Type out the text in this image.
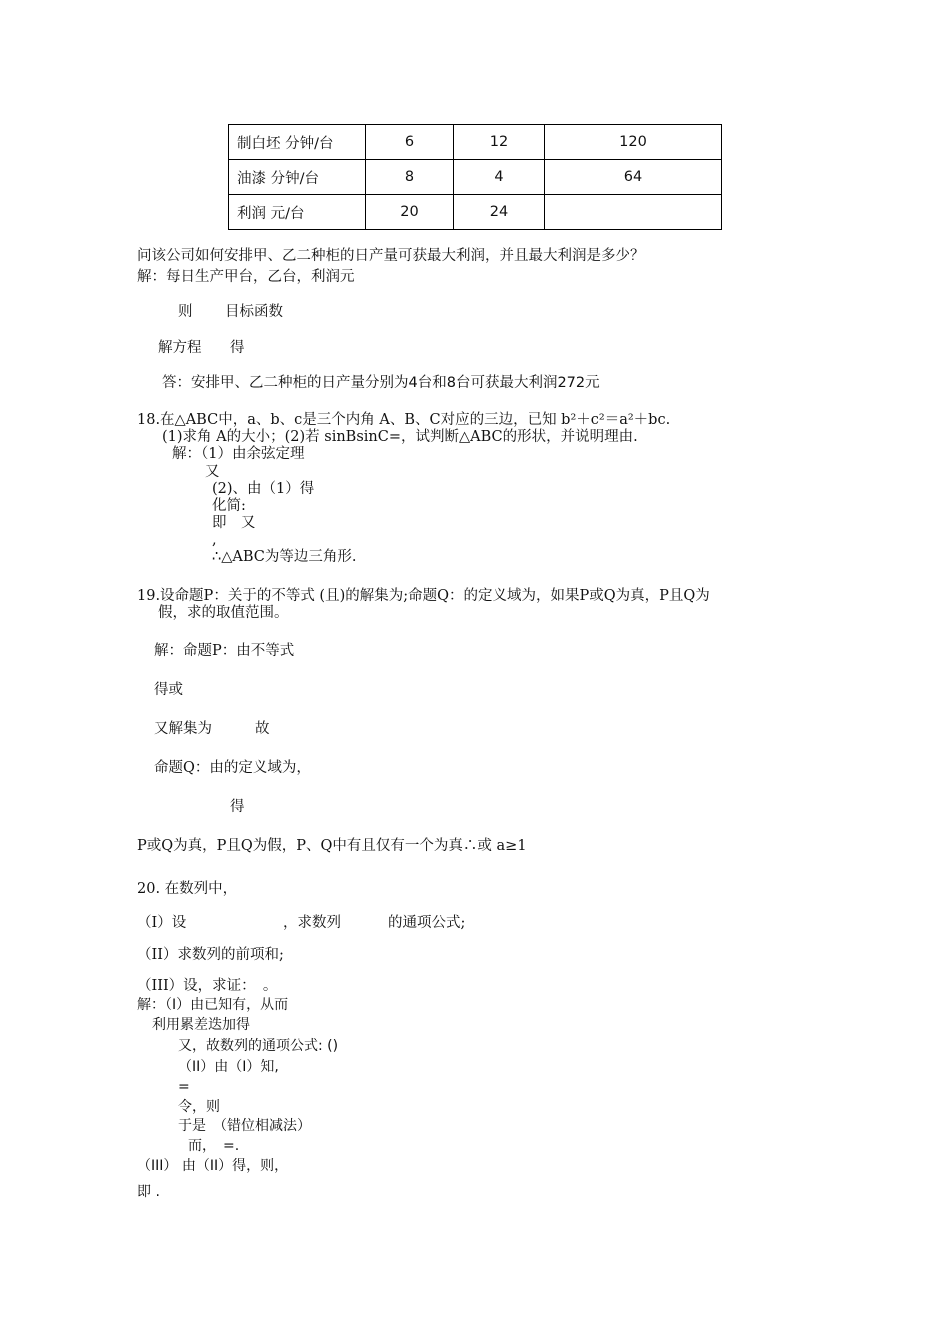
制白坯 分钟/台	6	12	120
油漆 分钟/台	8	4	64
利润 元/台	20	24	
问该公司如何安排甲、乙二种柜的日产量可获最大利润，并且最大利润是多少？
解：每日生产甲台，乙台，利润元
则 目标函数
解方程 得
答：安排甲、乙二种柜的日产量分别为4台和8台可获最大利润272元
18.在△ABC中，a、b、c是三个内角 A、B、C对应的三边，已知 b²＋c²＝a²＋bc.
(1)求角 A的大小；(2)若 sinBsinC=，试判断△ABC的形状，并说明理由.
解：（1）由余弦定理
又
(2)、由（1）得
化简:
即　又
,
∴△ABC为等边三角形.
19.设命题P：关于的不等式 (且)的解集为;命题Q：的定义域为，如果P或Q为真，P且Q为
假，求的取值范围。
解：命题P：由不等式
得或
又解集为	故
命题Q：由的定义域为，
得
P或Q为真，P且Q为假，P、Q中有且仅有一个为真∴或 a≥1
20. 在数列中，
（I）设	，求数列	的通项公式;
（II）求数列的前项和;
（III）设，求证：　。
解：（I）由已知有，从而
利用累差迭加得
又，故数列的通项公式: ()
（II）由（I）知,
=
令，则
于是　（错位相减法）
而，　=.
（III） 由（II）得，则，
即 .
